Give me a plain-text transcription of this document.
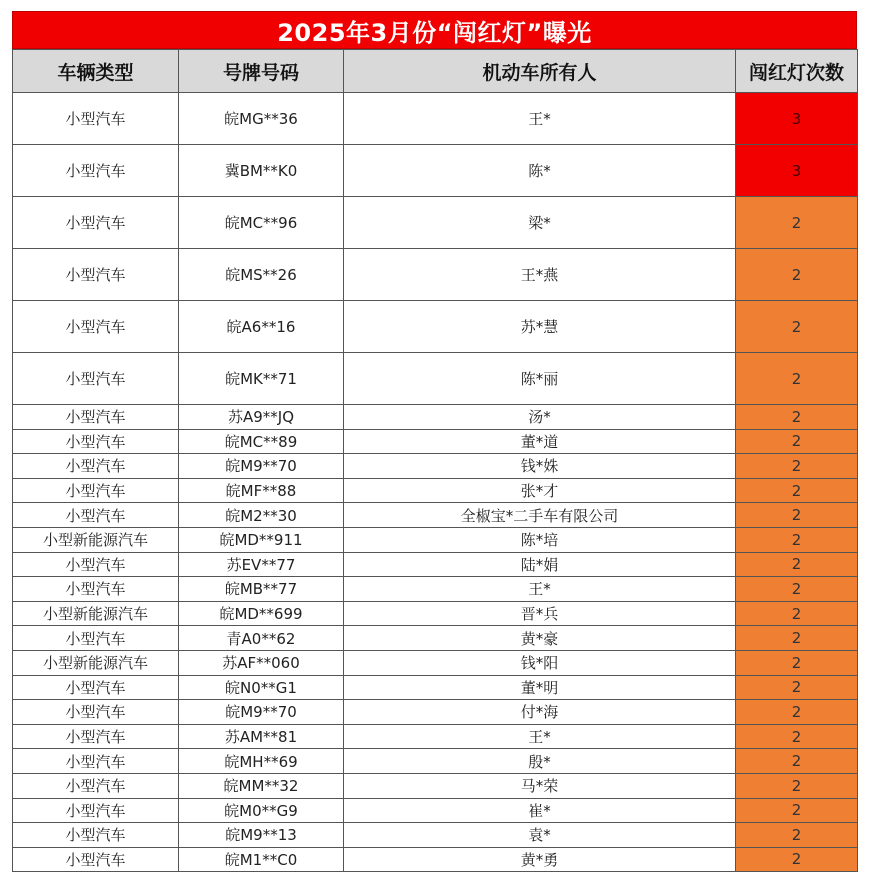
2025年3月份“闯红灯”曝光
车辆类型	号牌号码	机动车所有人	闯红灯次数
小型汽车	皖MG**36	王*	3
小型汽车	冀BM**K0	陈*	3
小型汽车	皖MC**96	梁*	2
小型汽车	皖MS**26	王*燕	2
小型汽车	皖A6**16	苏*慧	2
小型汽车	皖MK**71	陈*丽	2
小型汽车	苏A9**JQ	汤*	2
小型汽车	皖MC**89	董*道	2
小型汽车	皖M9**70	钱*姝	2
小型汽车	皖MF**88	张*才	2
小型汽车	皖M2**30	全椒宝*二手车有限公司	2
小型新能源汽车	皖MD**911	陈*培	2
小型汽车	苏EV**77	陆*娟	2
小型汽车	皖MB**77	王*	2
小型新能源汽车	皖MD**699	晋*兵	2
小型汽车	青A0**62	黄*豪	2
小型新能源汽车	苏AF**060	钱*阳	2
小型汽车	皖N0**G1	董*明	2
小型汽车	皖M9**70	付*海	2
小型汽车	苏AM**81	王*	2
小型汽车	皖MH**69	殷*	2
小型汽车	皖MM**32	马*荣	2
小型汽车	皖M0**G9	崔*	2
小型汽车	皖M9**13	袁*	2
小型汽车	皖M1**C0	黄*勇	2
